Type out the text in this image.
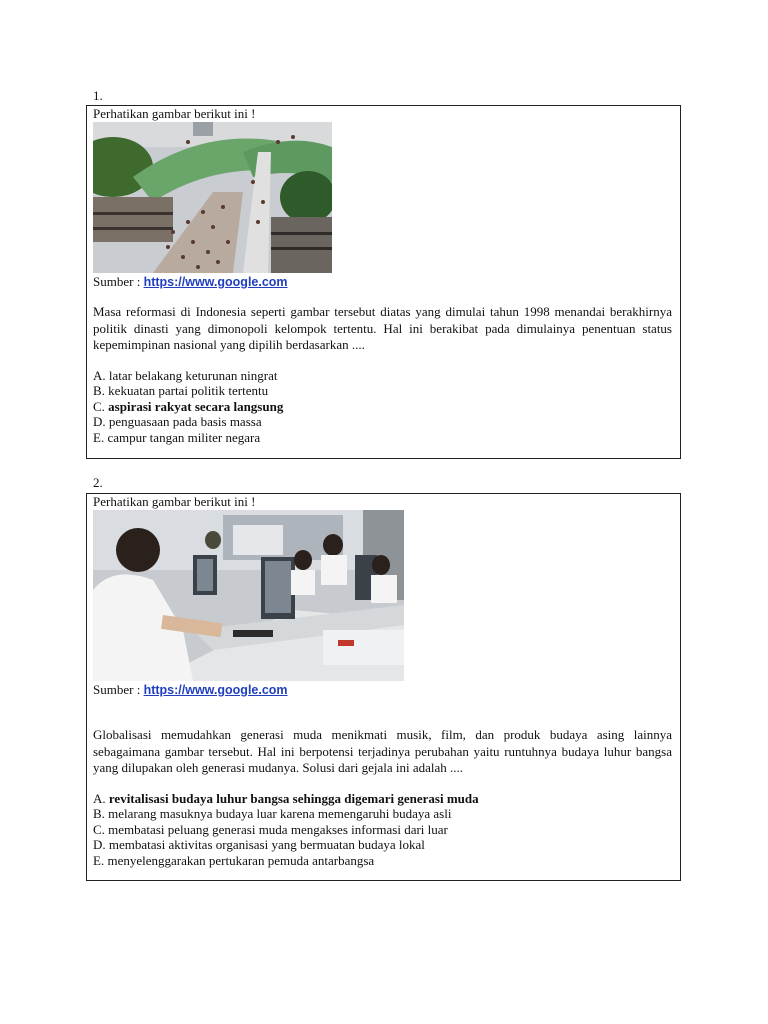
1.

Perhatikan gambar berikut ini !

Sumber : https://www.google.com

Masa reformasi di Indonesia seperti gambar tersebut diatas yang dimulai tahun 1998 menandai berakhirnya politik dinasti yang dimonopoli kelompok tertentu. Hal ini berakibat pada dimulainya penentuan status kepemimpinan nasional yang dipilih berdasarkan ....

A. latar belakang keturunan ningrat
B. kekuatan partai politik tertentu
C. aspirasi rakyat secara langsung
D. penguasaan pada basis massa
E. campur tangan militer negara
2.

Perhatikan gambar berikut ini !

Sumber : https://www.google.com

Globalisasi memudahkan generasi muda menikmati musik, film, dan produk budaya asing lainnya sebagaimana gambar tersebut. Hal ini berpotensi terjadinya perubahan yaitu runtuhnya budaya luhur bangsa yang dilupakan oleh generasi mudanya. Solusi dari gejala ini adalah ....

A. revitalisasi budaya luhur bangsa sehingga digemari generasi muda
B. melarang masuknya budaya luar karena memengaruhi budaya asli
C. membatasi peluang generasi muda mengakses informasi dari luar
D. membatasi aktivitas organisasi yang bermuatan budaya lokal
E. menyelenggarakan pertukaran pemuda antarbangsa
